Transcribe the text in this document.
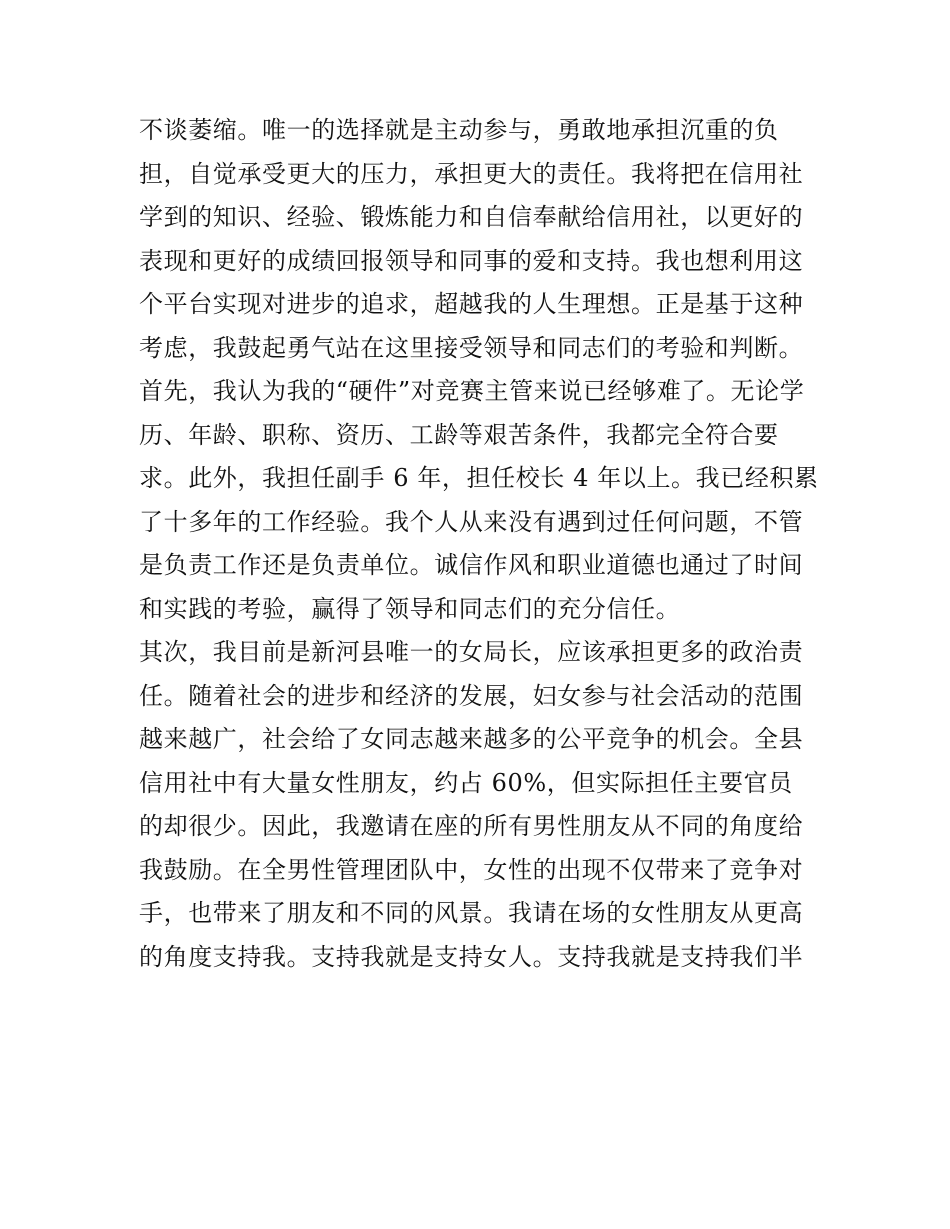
不谈萎缩。唯一的选择就是主动参与，勇敢地承担沉重的负
担，自觉承受更大的压力，承担更大的责任。我将把在信用社
学到的知识、经验、锻炼能力和自信奉献给信用社，以更好的
表现和更好的成绩回报领导和同事的爱和支持。我也想利用这
个平台实现对进步的追求，超越我的人生理想。正是基于这种
考虑，我鼓起勇气站在这里接受领导和同志们的考验和判断。
首先，我认为我的“硬件”对竞赛主管来说已经够难了。无论学
历、年龄、职称、资历、工龄等艰苦条件，我都完全符合要
求。此外，我担任副手 6 年，担任校长 4 年以上。我已经积累
了十多年的工作经验。我个人从来没有遇到过任何问题，不管
是负责工作还是负责单位。诚信作风和职业道德也通过了时间
和实践的考验，赢得了领导和同志们的充分信任。
其次，我目前是新河县唯一的女局长，应该承担更多的政治责
任。随着社会的进步和经济的发展，妇女参与社会活动的范围
越来越广，社会给了女同志越来越多的公平竞争的机会。全县
信用社中有大量女性朋友，约占 60%，但实际担任主要官员
的却很少。因此，我邀请在座的所有男性朋友从不同的角度给
我鼓励。在全男性管理团队中，女性的出现不仅带来了竞争对
手，也带来了朋友和不同的风景。我请在场的女性朋友从更高
的角度支持我。支持我就是支持女人。支持我就是支持我们半
